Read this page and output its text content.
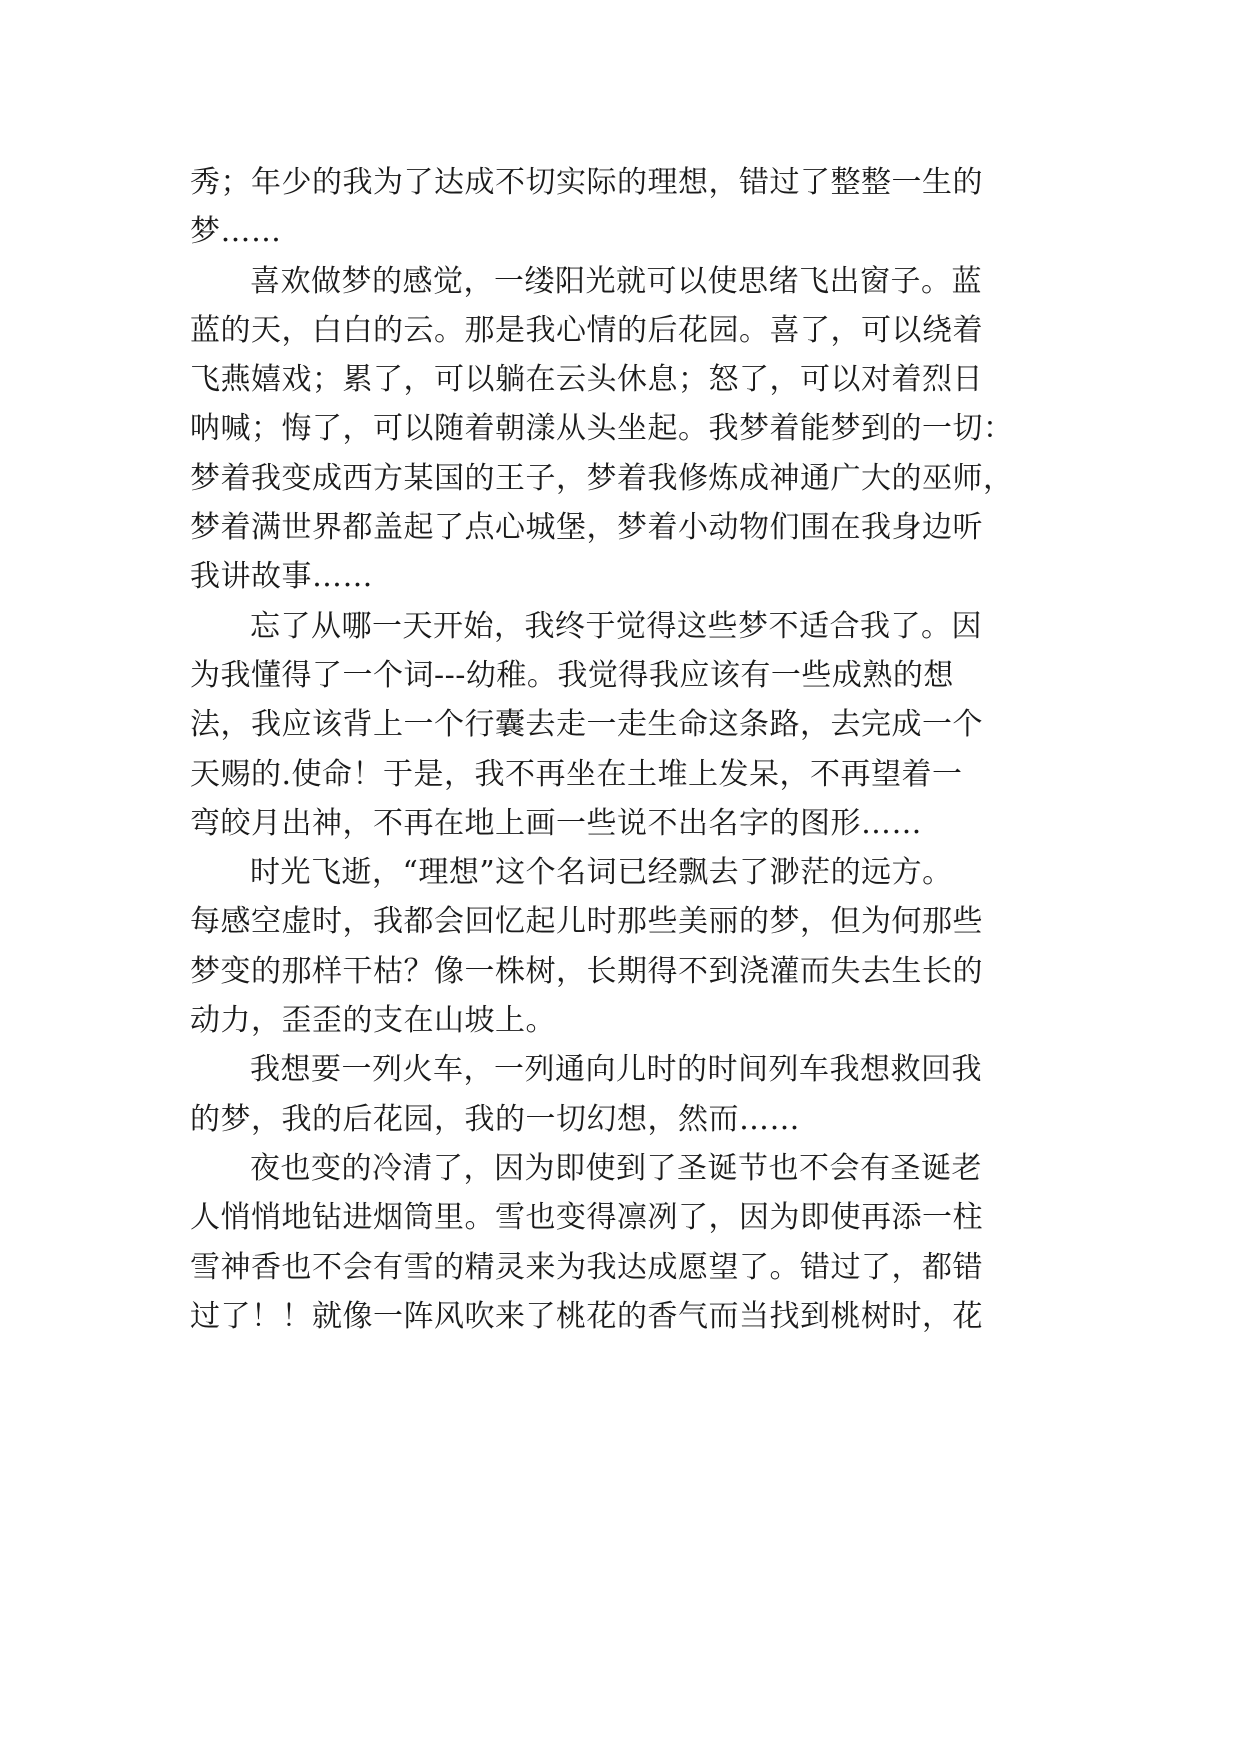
秀；年少的我为了达成不切实际的理想，错过了整整一生的
梦……
喜欢做梦的感觉，一缕阳光就可以使思绪飞出窗子。蓝
蓝的天，白白的云。那是我心情的后花园。喜了，可以绕着
飞燕嬉戏；累了，可以躺在云头休息；怒了，可以对着烈日
呐喊；悔了，可以随着朝漾从头坐起。我梦着能梦到的一切：
梦着我变成西方某国的王子，梦着我修炼成神通广大的巫师，
梦着满世界都盖起了点心城堡，梦着小动物们围在我身边听
我讲故事……
忘了从哪一天开始，我终于觉得这些梦不适合我了。因
为我懂得了一个词---幼稚。我觉得我应该有一些成熟的想
法，我应该背上一个行囊去走一走生命这条路，去完成一个
天赐的.使命！于是，我不再坐在土堆上发呆，不再望着一
弯皎月出神，不再在地上画一些说不出名字的图形……
时光飞逝，“理想”这个名词已经飘去了渺茫的远方。
每感空虚时，我都会回忆起儿时那些美丽的梦，但为何那些
梦变的那样干枯？像一株树，长期得不到浇灌而失去生长的
动力，歪歪的支在山坡上。
我想要一列火车，一列通向儿时的时间列车我想救回我
的梦，我的后花园，我的一切幻想，然而……
夜也变的冷清了，因为即使到了圣诞节也不会有圣诞老
人悄悄地钻进烟筒里。雪也变得凛冽了，因为即使再添一柱
雪神香也不会有雪的精灵来为我达成愿望了。错过了，都错
过了！！就像一阵风吹来了桃花的香气而当找到桃树时，花
